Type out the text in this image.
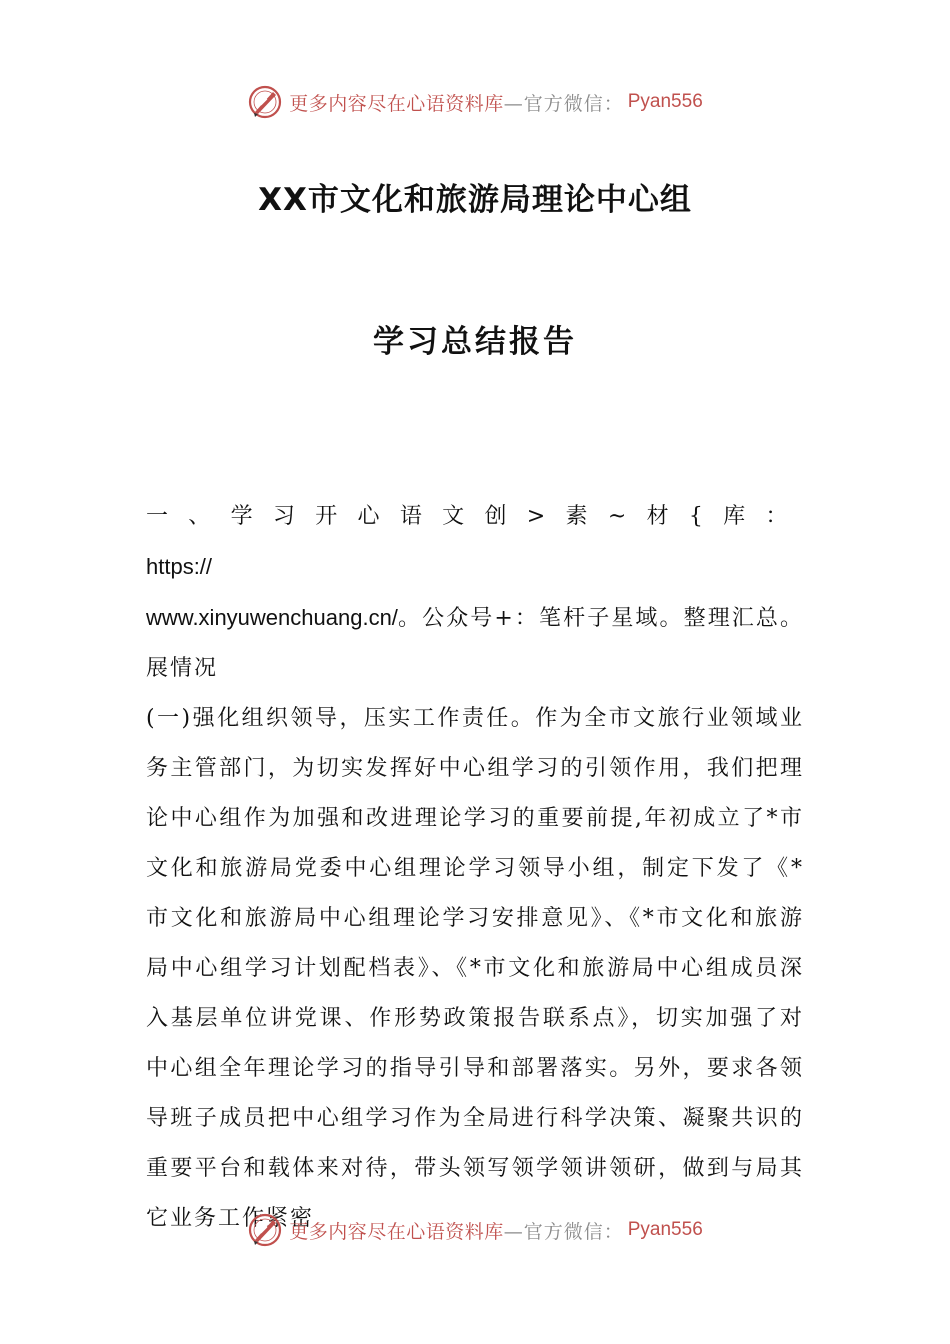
更多内容尽在心语资料库 —官方微信： Pyan556
XX市文化和旅游局理论中心组
学习总结报告

一、学习开心语文创>素~材{库：https://

www.xinyuwenchuang.cn/。公众号+：笔杆子星域。整理汇总。展情况

(一)强化组织领导，压实工作责任。作为全市文旅行业领域业务主管部门，为切实发挥好中心组学习的引领作用，我们把理论中心组作为加强和改进理论学习的重要前提,年初成立了*市文化和旅游局党委中心组理论学习领导小组，制定下发了《*市文化和旅游局中心组理论学习安排意见》、《*市文化和旅游局中心组学习计划配档表》、《*市文化和旅游局中心组成员深入基层单位讲党课、作形势政策报告联系点》，切实加强了对中心组全年理论学习的指导引导和部署落实。另外，要求各领导班子成员把中心组学习作为全局进行科学决策、凝聚共识的重要平台和载体来对待，带头领写领学领讲领研，做到与局其它业务工作紧密

更多内容尽在心语资料库 —官方微信： Pyan556
